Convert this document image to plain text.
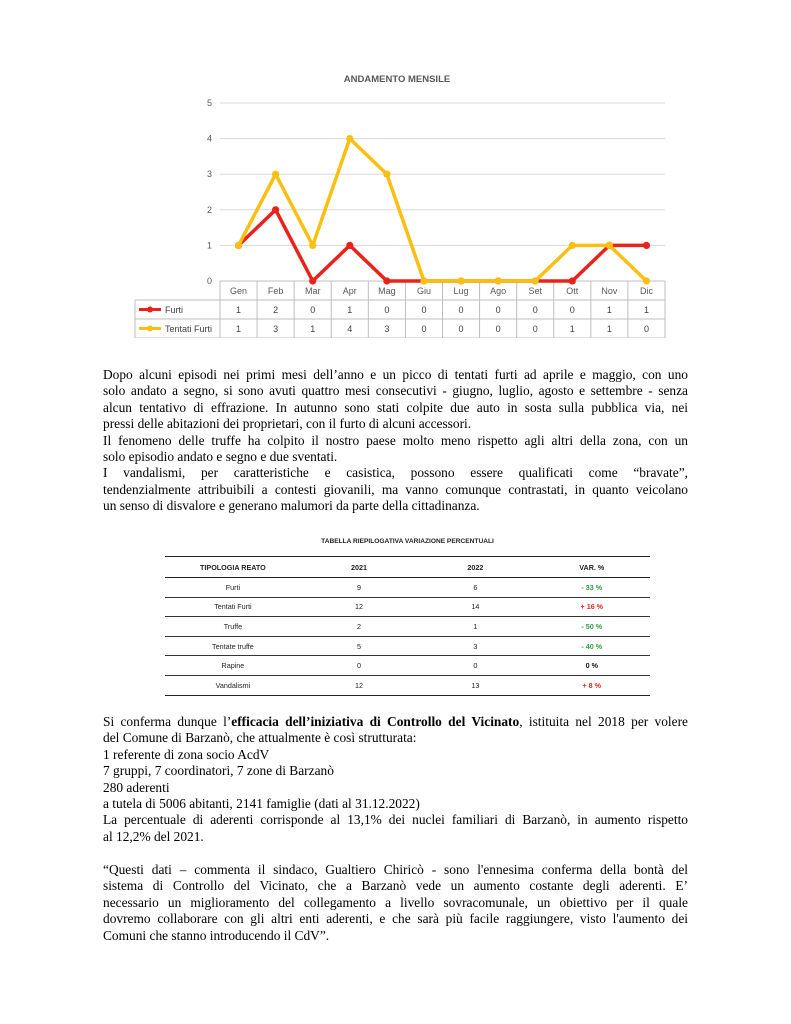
ANDAMENTO MENSILE
0
1
2
3
4
5
Gen Feb Mar Apr Mag Giu	Lug Ago Set	Ott	Nov	Dic
Furti	1	2	0	1	0	0	0	0	0	0	1	1
Tentati Furti	1	3	1	4	3	0	0	0	0	1	1	0
Dopo alcuni episodi nei primi mesi dell’anno e un picco di tentati furti ad aprile e maggio, con uno
solo andato a segno, si sono avuti quattro mesi consecutivi - giugno, luglio, agosto e settembre - senza
alcun tentativo di effrazione. In autunno sono stati colpite due auto in sosta sulla pubblica via, nei
pressi delle abitazioni dei proprietari, con il furto di alcuni accessori.
Il fenomeno delle truffe ha colpito il nostro paese molto meno rispetto agli altri della zona, con un
solo episodio andato e segno e due sventati.
I vandalismi, per caratteristiche e casistica, possono essere qualificati come “bravate”,
tendenzialmente attribuibili a contesti giovanili, ma vanno comunque contrastati, in quanto veicolano
un senso di disvalore e generano malumori da parte della cittadinanza.
TABELLA RIEPILOGATIVA VARIAZIONE PERCENTUALI
TIPOLOGIA REATO	2021	2022	VAR. %
Furti	9	6	- 33 %
Tentati Furti	12	14	+ 16 %
Truffe	2	1	- 50 %
Tentate truffe	5	3	- 40 %
Rapine	0	0	0 %
Vandalismi	12	13	+ 8 %
Si conferma dunque l’efficacia dell’iniziativa di Controllo del Vicinato, istituita nel 2018 per volere
del Comune di Barzanò, che attualmente è così strutturata:
1 referente di zona socio AcdV
7 gruppi, 7 coordinatori, 7 zone di Barzanò
280 aderenti
a tutela di 5006 abitanti, 2141 famiglie (dati al 31.12.2022)
La percentuale di aderenti corrisponde al 13,1% dei nuclei familiari di Barzanò, in aumento rispetto
al 12,2% del 2021.
“Questi dati – commenta il sindaco, Gualtiero Chiricò - sono l'ennesima conferma della bontà del
sistema di Controllo del Vicinato, che a Barzanò vede un aumento costante degli aderenti. E’
necessario un miglioramento del collegamento a livello sovracomunale, un obiettivo per il quale
dovremo collaborare con gli altri enti aderenti, e che sarà più facile raggiungere, visto l'aumento dei
Comuni che stanno introducendo il CdV”.
